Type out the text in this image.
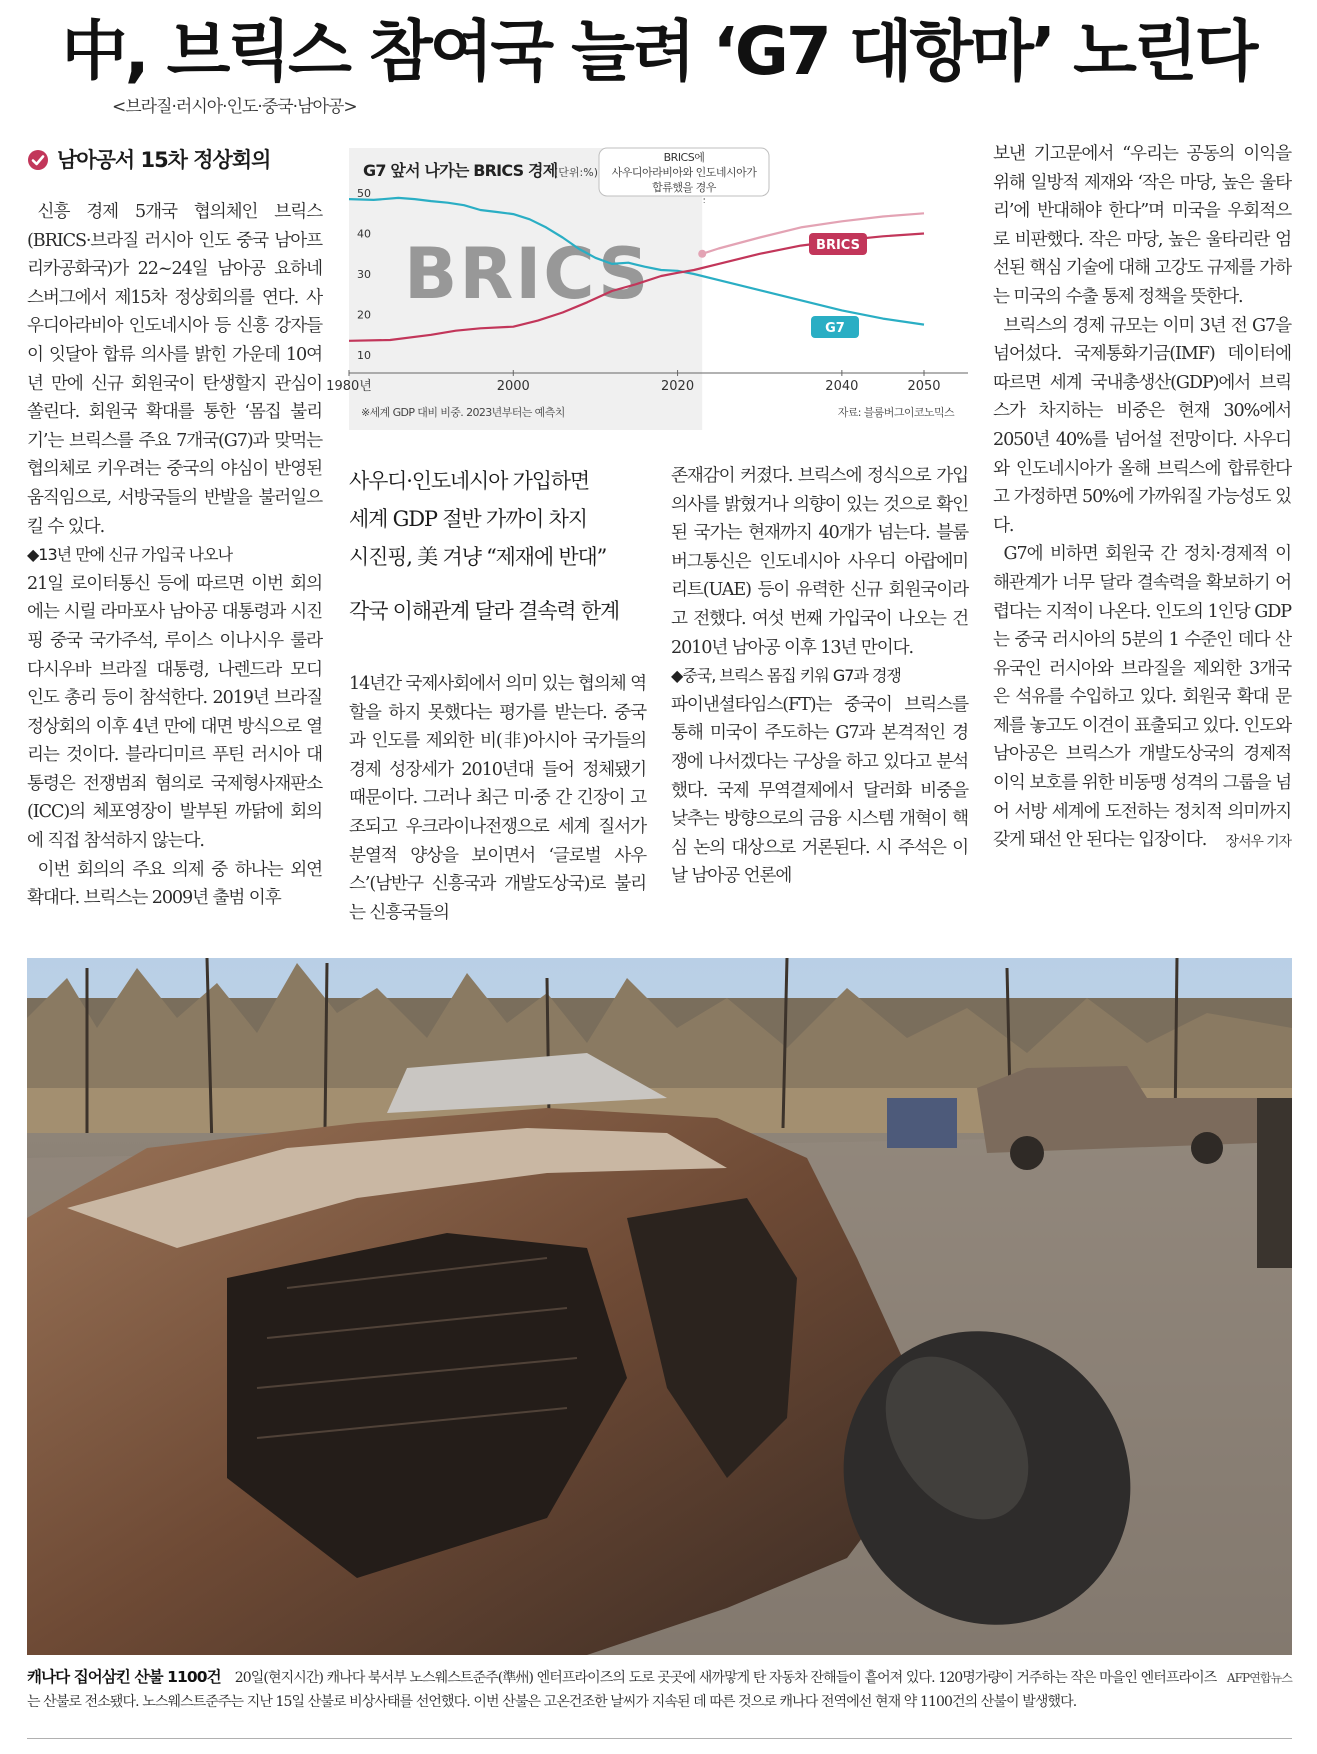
中, 브릭스 참여국 늘려 ‘G7 대항마’ 노린다
<브라질·러시아·인도·중국·남아공>
남아공서 15차 정상회의

신흥 경제 5개국 협의체인 브릭스(BRICS·브라질 러시아 인도 중국 남아프리카공화국)가 22~24일 남아공 요하네스버그에서 제15차 정상회의를 연다. 사우디아라비아 인도네시아 등 신흥 강자들이 잇달아 합류 의사를 밝힌 가운데 10여 년 만에 신규 회원국이 탄생할지 관심이 쏠린다. 회원국 확대를 통한 ‘몸집 불리기’는 브릭스를 주요 7개국(G7)과 맞먹는 협의체로 키우려는 중국의 야심이 반영된 움직임으로, 서방국들의 반발을 불러일으킬 수 있다.

◆13년 만에 신규 가입국 나오나

21일 로이터통신 등에 따르면 이번 회의에는 시릴 라마포사 남아공 대통령과 시진핑 중국 국가주석, 루이스 이나시우 룰라 다시우바 브라질 대통령, 나렌드라 모디 인도 총리 등이 참석한다. 2019년 브라질 정상회의 이후 4년 만에 대면 방식으로 열리는 것이다. 블라디미르 푸틴 러시아 대통령은 전쟁범죄 혐의로 국제형사재판소(ICC)의 체포영장이 발부된 까닭에 회의에 직접 참석하지 않는다.

이번 회의의 주요 의제 중 하나는 외연 확대다. 브릭스는 2009년 출범 이후

G7 앞서 나가는 BRICS 경제
(단위:%)
10
20
30
40
50
BRICS
1980년	2000	2020	2040	2050
BRICS에
사우디아라비아와 인도네시아가
합류했을 경우
BRICS
G7
※세계 GDP 대비 비중. 2023년부터는 예측치	자료: 블룸버그이코노믹스
사우디·인도네시아 가입하면
세계 GDP 절반 가까이 차지
시진핑, 美 겨냥 “제재에 반대”
각국 이해관계 달라 결속력 한계

14년간 국제사회에서 의미 있는 협의체 역할을 하지 못했다는 평가를 받는다. 중국과 인도를 제외한 비(非)아시아 국가들의 경제 성장세가 2010년대 들어 정체됐기 때문이다. 그러나 최근 미·중 간 긴장이 고조되고 우크라이나전쟁으로 세계 질서가 분열적 양상을 보이면서 ‘글로벌 사우스’(남반구 신흥국과 개발도상국)로 불리는 신흥국들의

존재감이 커졌다. 브릭스에 정식으로 가입 의사를 밝혔거나 의향이 있는 것으로 확인된 국가는 현재까지 40개가 넘는다. 블룸버그통신은 인도네시아 사우디 아랍에미리트(UAE) 등이 유력한 신규 회원국이라고 전했다. 여섯 번째 가입국이 나오는 건 2010년 남아공 이후 13년 만이다.

◆중국, 브릭스 몸집 키워 G7과 경쟁

파이낸셜타임스(FT)는 중국이 브릭스를 통해 미국이 주도하는 G7과 본격적인 경쟁에 나서겠다는 구상을 하고 있다고 분석했다. 국제 무역결제에서 달러화 비중을 낮추는 방향으로의 금융 시스템 개혁이 핵심 논의 대상으로 거론된다. 시 주석은 이날 남아공 언론에

보낸 기고문에서 “우리는 공동의 이익을 위해 일방적 제재와 ‘작은 마당, 높은 울타리’에 반대해야 한다”며 미국을 우회적으로 비판했다. 작은 마당, 높은 울타리란 엄선된 핵심 기술에 대해 고강도 규제를 가하는 미국의 수출 통제 정책을 뜻한다.

브릭스의 경제 규모는 이미 3년 전 G7을 넘어섰다. 국제통화기금(IMF) 데이터에 따르면 세계 국내총생산(GDP)에서 브릭스가 차지하는 비중은 현재 30%에서 2050년 40%를 넘어설 전망이다. 사우디와 인도네시아가 올해 브릭스에 합류한다고 가정하면 50%에 가까워질 가능성도 있다.

G7에 비하면 회원국 간 정치·경제적 이해관계가 너무 달라 결속력을 확보하기 어렵다는 지적이 나온다. 인도의 1인당 GDP는 중국 러시아의 5분의 1 수준인 데다 산유국인 러시아와 브라질을 제외한 3개국은 석유를 수입하고 있다. 회원국 확대 문제를 놓고도 이견이 표출되고 있다. 인도와 남아공은 브릭스가 개발도상국의 경제적 이익 보호를 위한 비동맹 성격의 그룹을 넘어 서방 세계에 도전하는 정치적 의미까지 갖게 돼선 안 된다는 입장이다.	장서우 기자
AFP연합뉴스
캐나다 집어삼킨 산불 1100건 20일(현지시간) 캐나다 북서부 노스웨스트준주(準州) 엔터프라이즈의 도로 곳곳에 새까맣게 탄 자동차 잔해들이 흩어져 있다. 120명가량이 거주하는 작은 마을인 엔터프라이즈는 산불로 전소됐다. 노스웨스트준주는 지난 15일 산불로 비상사태를 선언했다. 이번 산불은 고온건조한 날씨가 지속된 데 따른 것으로 캐나다 전역에선 현재 약 1100건의 산불이 발생했다.
